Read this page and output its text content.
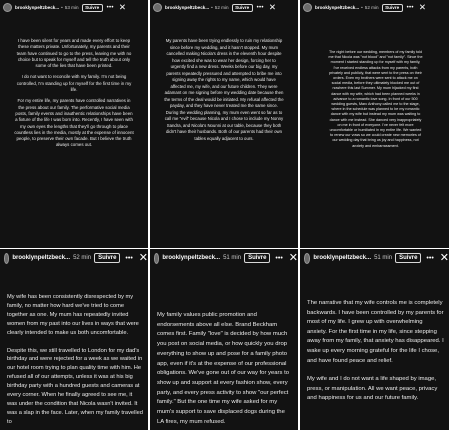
brooklynpeltzbeck... • 53 min	Suivre	••• ✕

I have been silent for years and made every effort to keep these matters private. Unfortunately, my parents and their team have continued to go to the press, leaving me with no choice but to speak for myself and tell the truth about only some of the lies that have been printed.

I do not want to reconcile with my family. I'm not being controlled, I'm standing up for myself for the first time in my life.

For my entire life, my parents have controlled narratives in the press about our family. The performative social media posts, family events and inauthentic relationships have been a fixture of the life I was born into. Recently, I have seen with my own eyes the lengths that they'll go through to place countless lies in the media, mostly at the expense of innocent people, to preserve their own facade. But I believe the truth always comes out.

brooklynpeltzbeck... • 52 min	Suivre	••• ✕

My parents have been trying endlessly to ruin my relationship since before my wedding, and it hasn't stopped. My mum cancelled making Nicola's dress in the eleventh hour despite how excited she was to wear her design, forcing her to urgently find a new dress. Weeks before our big day, my parents repeatedly pressured and attempted to bribe me into signing away the rights to my name, which would have affected me, my wife, and our future children. They were adamant on me signing before my wedding date because then the terms of the deal would be initiated. My refusal affected the payday, and they have never treated me the same since. During the wedding planning, my mum even went so far as to call me "evil" because Nicola and I chose to include my Nonny Sandra, and Nicola's Nounni at our table, because they both didn't have their husbands. Both of our parents had their own tables equally adjacent to ours.

brooklynpeltzbeck... • 52 min	Suivre	••• ✕

The night before our wedding, members of my family told me that Nicola was "not blood" and "not family". Since the moment I started standing up for myself with my family, I've received endless attacks from my parents, both privately and publicly, that were sent to the press on their orders. Even my brothers were sent to attack me on social media, before they ultimately blocked me out of nowhere this last Summer. My mum hijacked my first dance with my wife, which had been planned weeks in advance to a romantic love song. In front of our 500 wedding guests, Marc Anthony called me to the stage, where in the schedule was planned to be my romantic dance with my wife but instead my mum was waiting to dance with me instead. She danced very inappropriately on me in front of everyone. I've never felt more uncomfortable or humiliated in my entire life. We wanted to renew our vows so we could create new memories of our wedding day that bring us joy and happiness, not anxiety and embarrassment.

brooklynpeltzbeck... 52 min	Suivre	••• ✕

My wife has been consistently disrespected by my family, no matter how hard we've tried to come together as one. My mum has repeatedly invited women from my past into our lives in ways that were clearly intended to make us both uncomfortable.

Despite this, we still travelled to London for my dad's birthday and were rejected for a week as we waited in our hotel room trying to plan quality time with him. He refused all of our attempts, unless it was at his big birthday party with a hundred guests and cameras at every corner. When he finally agreed to see me, it was under the condition that Nicola wasn't invited. It was a slap in the face. Later, when my family travelled to

brooklynpeltzbeck... 51 min	Suivre	••• ✕

My family values public promotion and endorsements above all else. Brand Beckham comes first. Family "love" is decided by how much you post on social media, or how quickly you drop everything to show up and pose for a family photo app, even if it's at the expense of our professional obligations. We've gone out of our way for years to show up and support at every fashion show, every party, and every press activity to show "our perfect family." But the one time my wife asked for my mum's support to save displaced dogs during the LA fires, my mum refused.

brooklynpeltzbeck... 51 min	Suivre	••• ✕

The narrative that my wife controls me is completely backwards. I have been controlled by my parents for most of my life. I grew up with overwhelming anxiety. For the first time in my life, since stepping away from my family, that anxiety has disappeared. I wake up every morning grateful for the life I chose, and have found peace and relief.

My wife and I do not want a life shaped by image, press, or manipulation. All we want peace, privacy and happiness for us and our future family.
